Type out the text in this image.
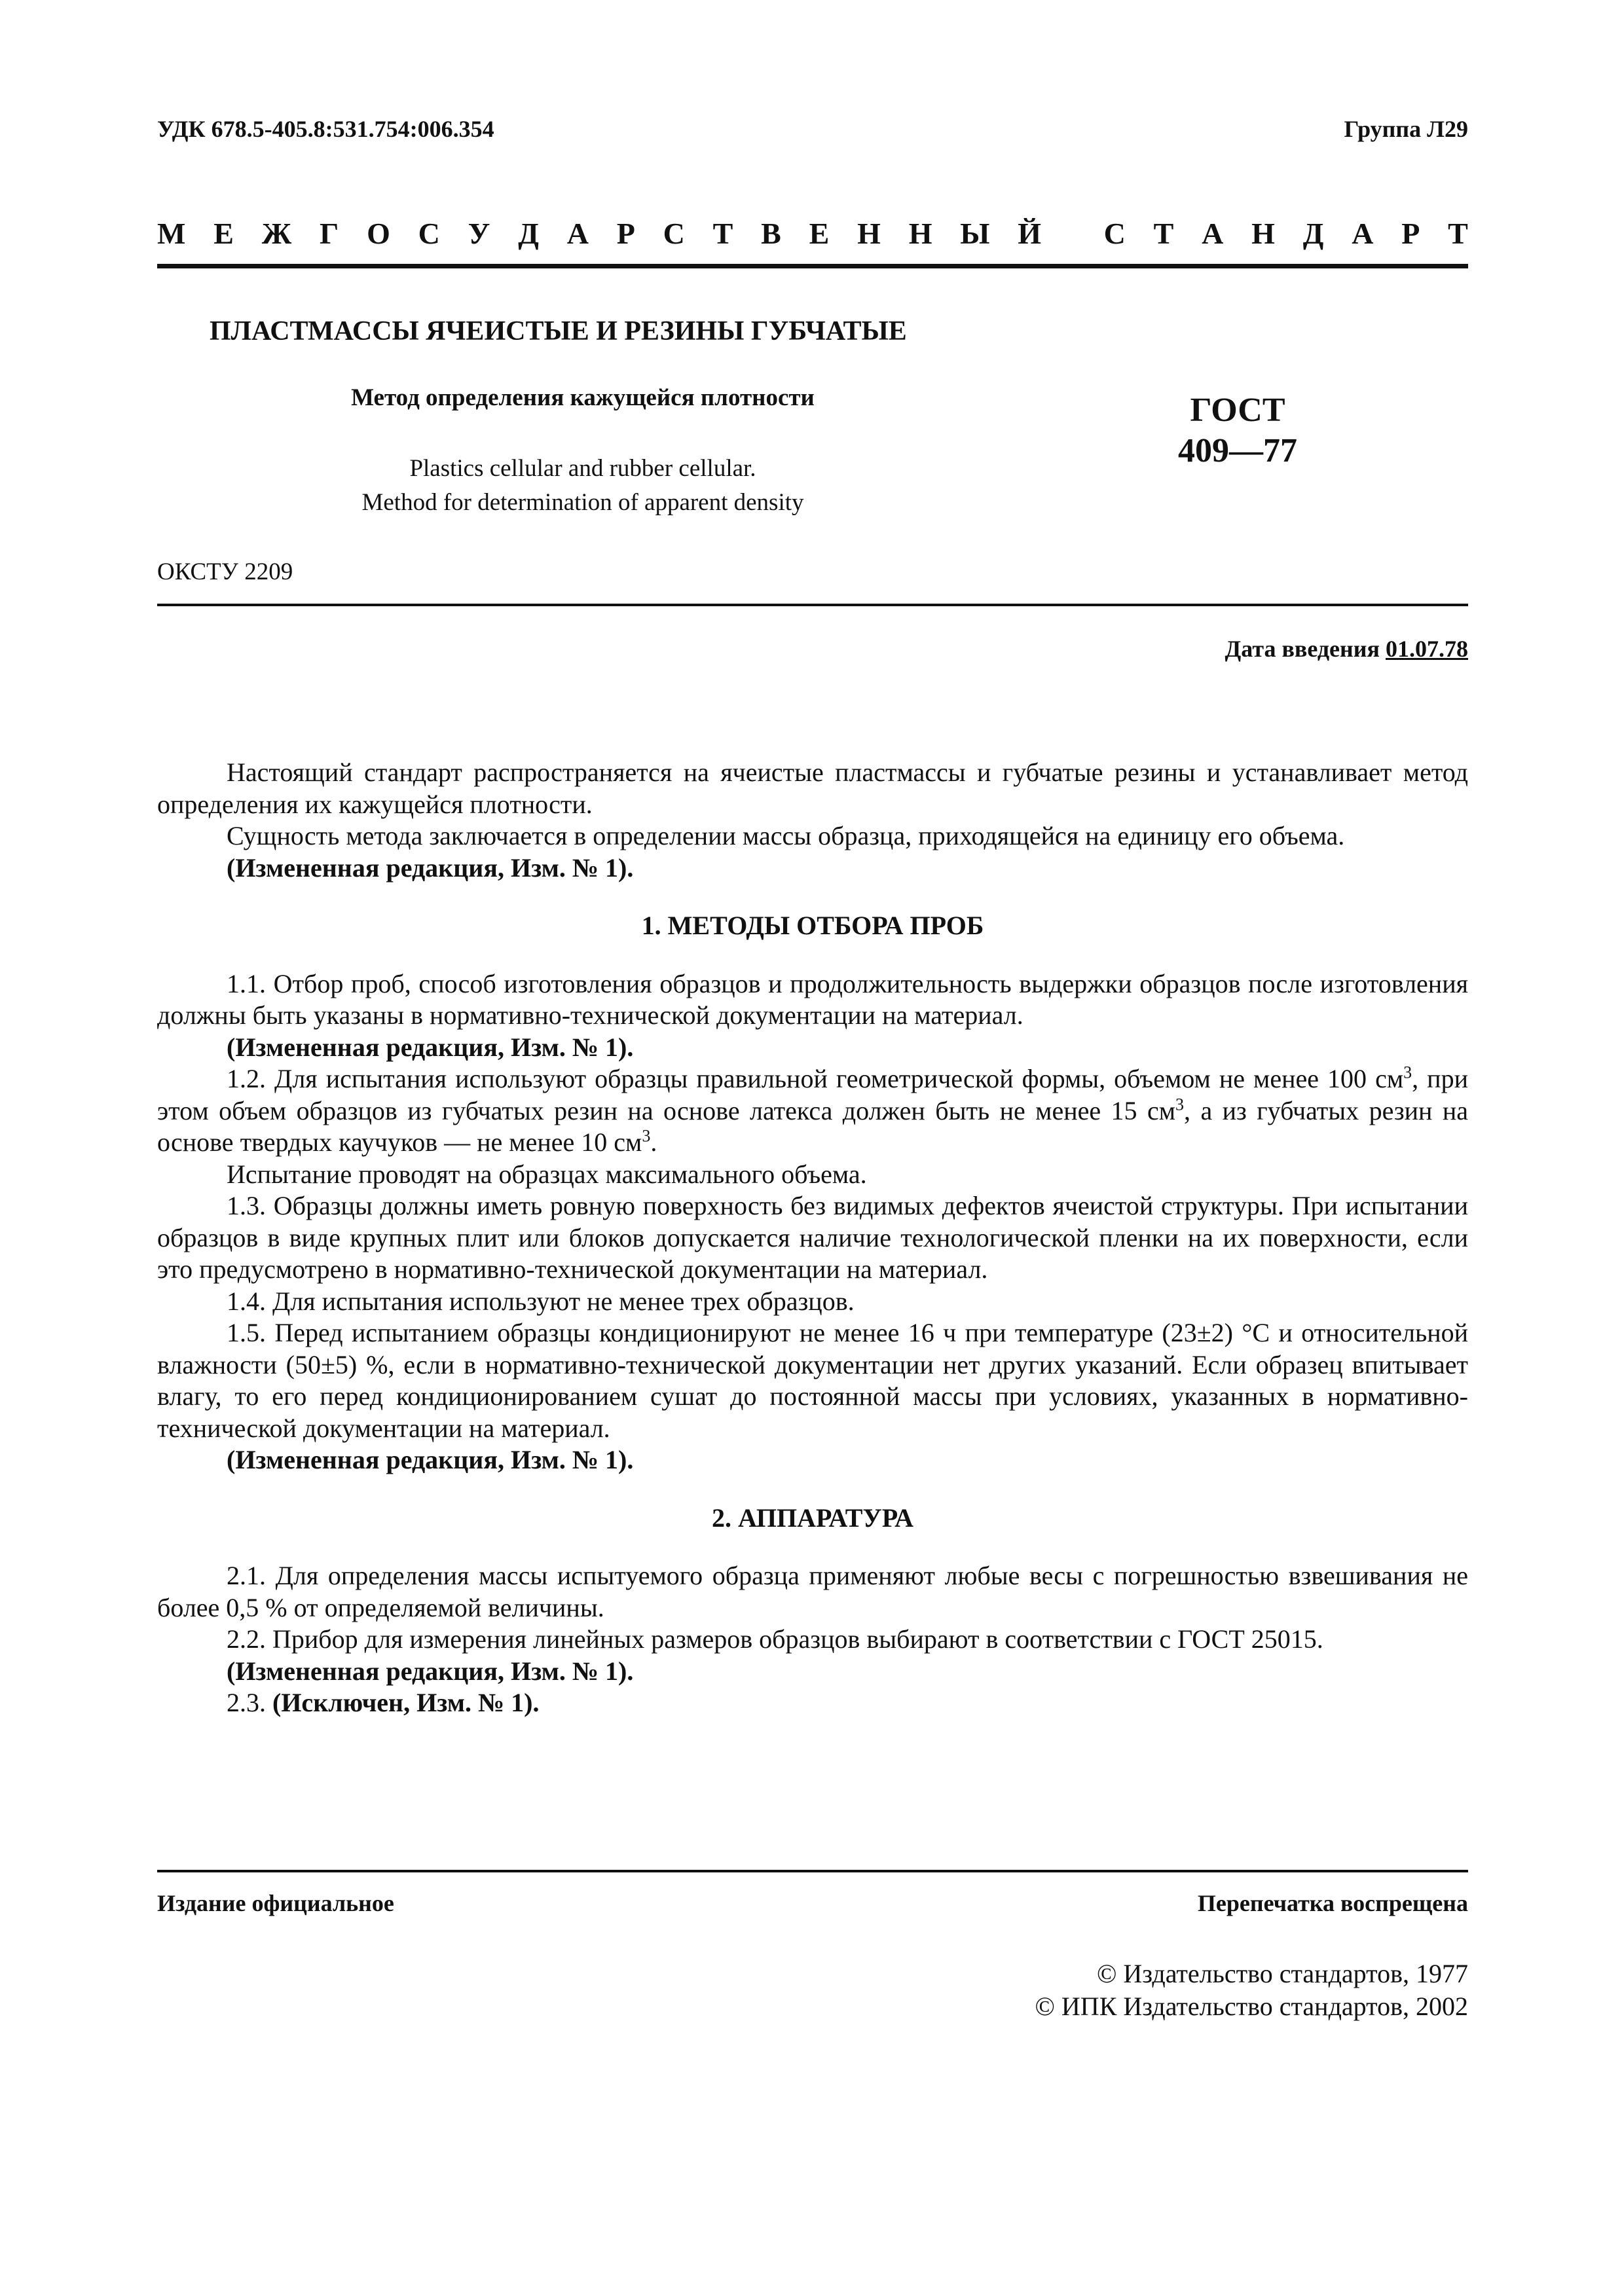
УДК 678.5-405.8:531.754:006.354	Группа Л29
М Е Ж Г О С У Д А Р С Т В Е Н Н Ы Й С Т А Н Д А Р Т
ПЛАСТМАССЫ ЯЧЕИСТЫЕ И РЕЗИНЫ ГУБЧАТЫЕ
Метод определения кажущейся плотности
Plastics cellular and rubber cellular.
Method for determination of apparent density
ГОСТ
409—77
ОКСТУ 2209
Дата введения 01.07.78

Настоящий стандарт распространяется на ячеистые пластмассы и губчатые резины и устанавливает метод определения их кажущейся плотности.

Сущность метода заключается в определении массы образца, приходящейся на единицу его объема.

(Измененная редакция, Изм. № 1).

1. МЕТОДЫ ОТБОРА ПРОБ

1.1. Отбор проб, способ изготовления образцов и продолжительность выдержки образцов после изготовления должны быть указаны в нормативно-технической документации на материал.

(Измененная редакция, Изм. № 1).

1.2. Для испытания используют образцы правильной геометрической формы, объемом не менее 100 $см^3$, при этом объем образцов из губчатых резин на основе латекса должен быть не менее 15 $см^3$, а из губчатых резин на основе твердых каучуков — не менее 10 $см^3$.

Испытание проводят на образцах максимального объема.

1.3. Образцы должны иметь ровную поверхность без видимых дефектов ячеистой структуры. При испытании образцов в виде крупных плит или блоков допускается наличие технологической пленки на их поверхности, если это предусмотрено в нормативно-технической документации на материал.

1.4. Для испытания используют не менее трех образцов.

1.5. Перед испытанием образцы кондиционируют не менее 16 ч при температуре (23±2) °С и относительной влажности (50±5) %, если в нормативно-технической документации нет других указаний. Если образец впитывает влагу, то его перед кондиционированием сушат до постоянной массы при условиях, указанных в нормативно-технической документации на материал.

(Измененная редакция, Изм. № 1).

2. АППАРАТУРА

2.1. Для определения массы испытуемого образца применяют любые весы с погрешностью взвешивания не более 0,5 % от определяемой величины.

2.2. Прибор для измерения линейных размеров образцов выбирают в соответствии с ГОСТ 25015.

(Измененная редакция, Изм. № 1).

2.3. (Исключен, Изм. № 1).

Издание официальное	Перепечатка воспрещена
© Издательство стандартов, 1977
© ИПК Издательство стандартов, 2002
